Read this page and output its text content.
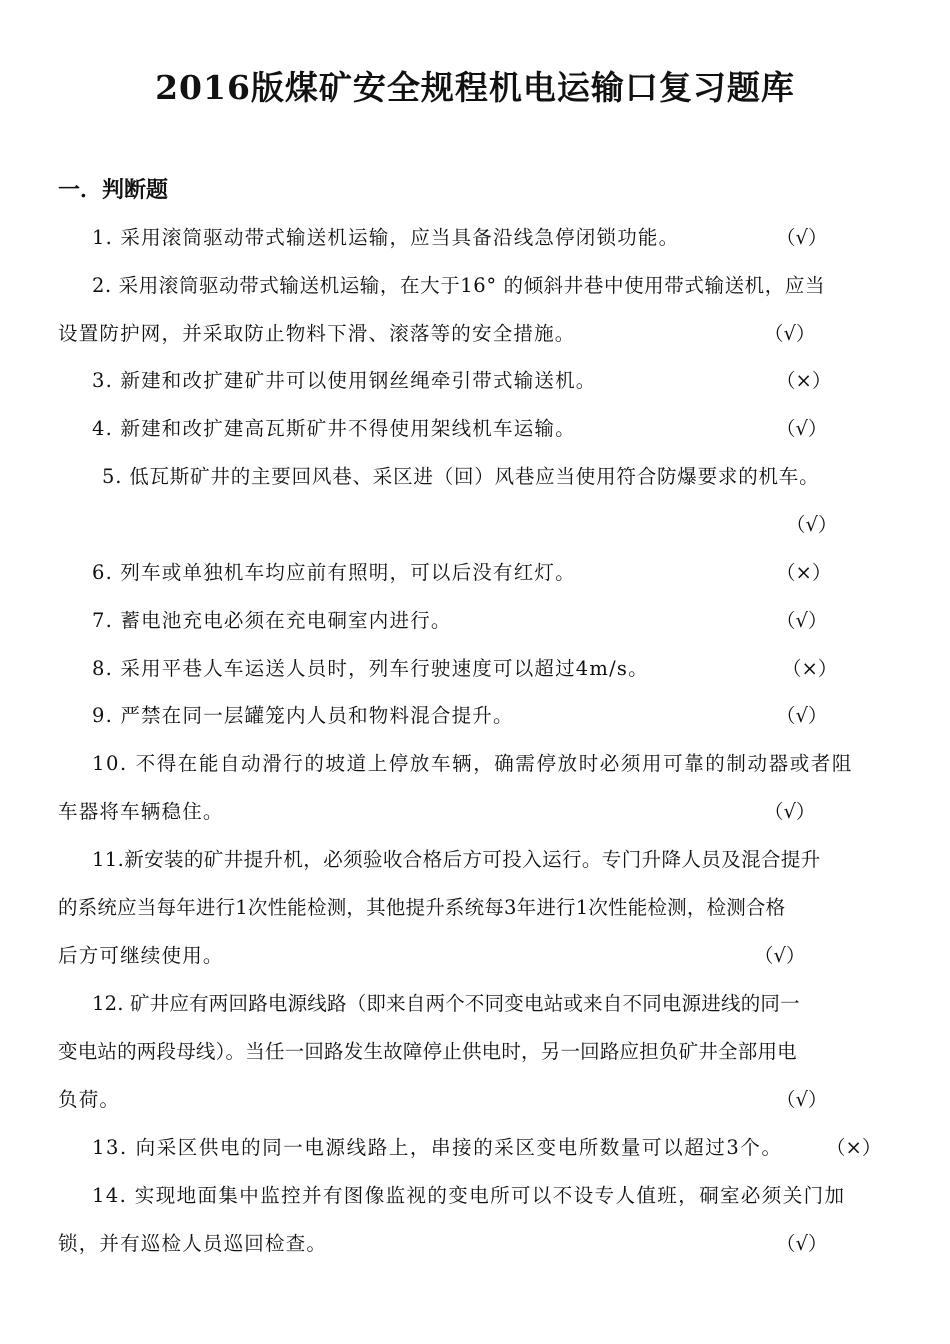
2016版煤矿安全规程机电运输口复习题库
一．判断题
1. 采用滚筒驱动带式输送机运输，应当具备沿线急停闭锁功能。	（√）
2. 采用滚筒驱动带式输送机运输，在大于16° 的倾斜井巷中使用带式输送机，应当
设置防护网，并采取防止物料下滑、滚落等的安全措施。	（√）
3. 新建和改扩建矿井可以使用钢丝绳牵引带式输送机。	（×）
4. 新建和改扩建高瓦斯矿井不得使用架线机车运输。	（√）
5. 低瓦斯矿井的主要回风巷、采区进（回）风巷应当使用符合防爆要求的机车。
（√）
6. 列车或单独机车均应前有照明，可以后没有红灯。	（×）
7. 蓄电池充电必须在充电硐室内进行。	（√）
8. 采用平巷人车运送人员时，列车行驶速度可以超过4m/s。	（×）
9. 严禁在同一层罐笼内人员和物料混合提升。	（√）
10. 不得在能自动滑行的坡道上停放车辆，确需停放时必须用可靠的制动器或者阻
车器将车辆稳住。	（√）
11.新安装的矿井提升机，必须验收合格后方可投入运行。专门升降人员及混合提升
的系统应当每年进行1次性能检测，其他提升系统每3年进行1次性能检测，检测合格
后方可继续使用。	（√）
12. 矿井应有两回路电源线路（即来自两个不同变电站或来自不同电源进线的同一
变电站的两段母线）。当任一回路发生故障停止供电时，另一回路应担负矿井全部用电
负荷。	（√）
13. 向采区供电的同一电源线路上，串接的采区变电所数量可以超过3个。	（×）
14. 实现地面集中监控并有图像监视的变电所可以不设专人值班，硐室必须关门加
锁，并有巡检人员巡回检查。	（√）
